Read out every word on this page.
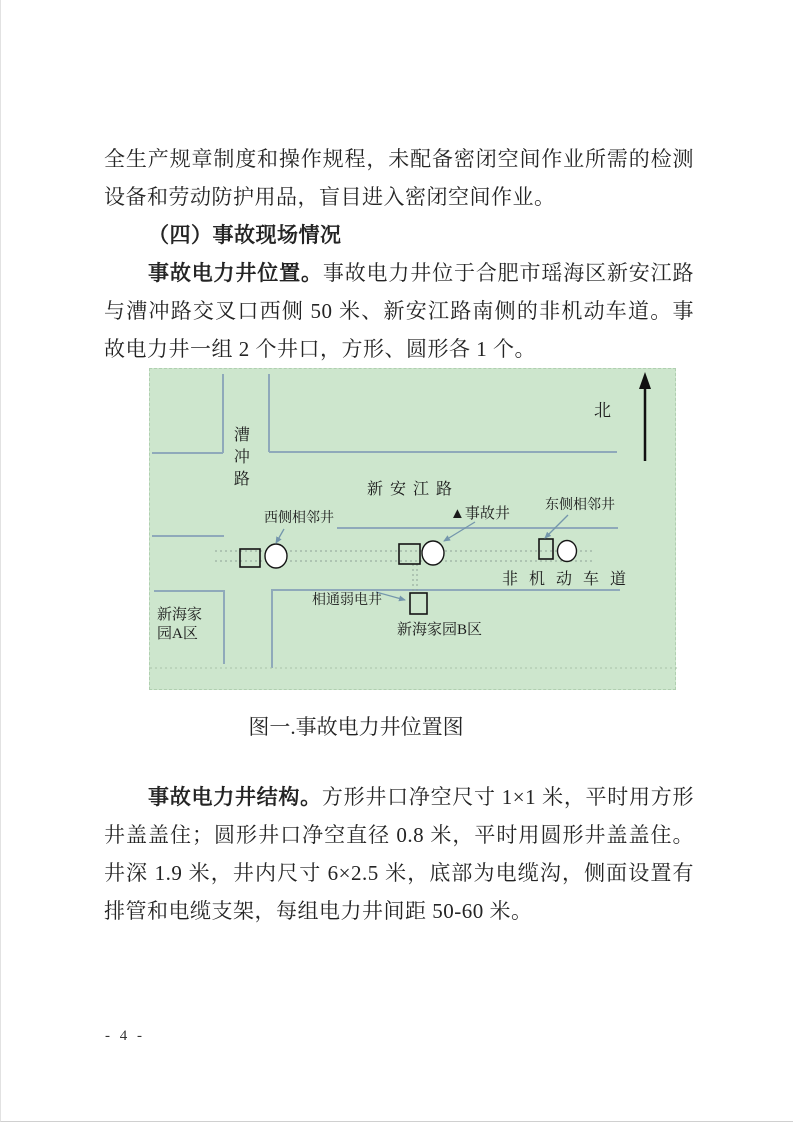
全生产规章制度和操作规程，未配备密闭空间作业所需的检测设备和劳动防护用品，盲目进入密闭空间作业。

（四）事故现场情况

事故电力井位置。事故电力井位于合肥市瑶海区新安江路与漕冲路交叉口西侧 50 米、新安江路南侧的非机动车道。事故电力井一组 2 个井口，方形、圆形各 1 个。

漕冲路	新安江路
北
西侧相邻井	▲事故井
东侧相邻井
非机动车道
相通弱电井
新海家园A区	新海家园B区
图一.事故电力井位置图

事故电力井结构。方形井口净空尺寸 1×1 米，平时用方形井盖盖住；圆形井口净空直径 0.8 米，平时用圆形井盖盖住。井深 1.9 米，井内尺寸 6×2.5 米，底部为电缆沟，侧面设置有排管和电缆支架，每组电力井间距 50-60 米。

- 4 -
